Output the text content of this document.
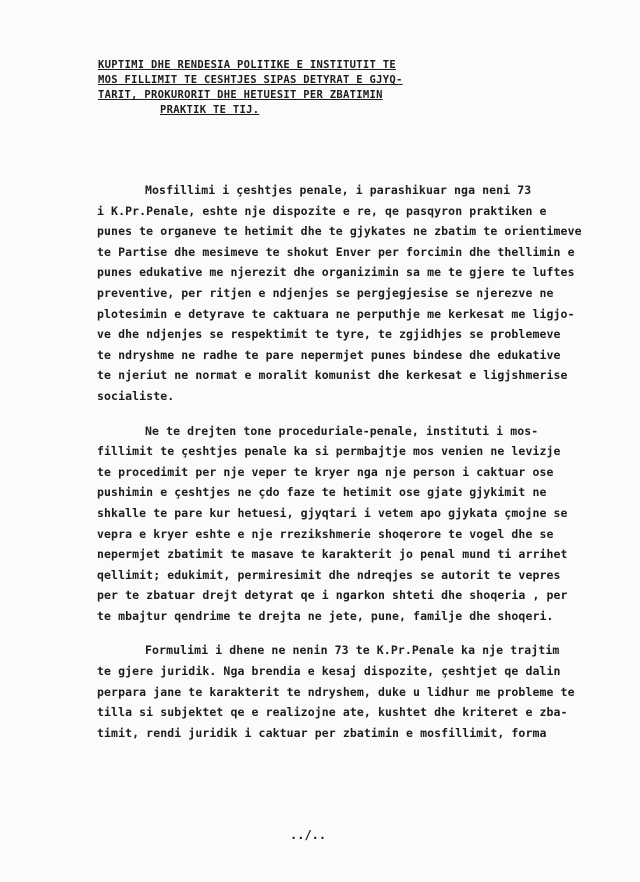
KUPTIMI DHE RENDESIA POLITIKE E INSTITUTIT TE
MOS FILLIMIT TE CESHTJES SIPAS DETYRAT E GJYQ-
TARIT, PROKURORIT DHE HETUESIT PER ZBATIMIN
PRAKTIK TE TIJ.
Mosfillimi i çeshtjes penale, i parashikuar nga neni 73
i K.Pr.Penale, eshte nje dispozite e re, qe pasqyron praktiken e
punes te organeve te hetimit dhe te gjykates ne zbatim te orientimeve
te Partise dhe mesimeve te shokut Enver per forcimin dhe thellimin e
punes edukative me njerezit dhe organizimin sa me te gjere te luftes
preventive, per ritjen e ndjenjes se pergjegjesise se njerezve ne
plotesimin e detyrave te caktuara ne perputhje me kerkesat me ligjo-
ve dhe ndjenjes se respektimit te tyre, te zgjidhjes se problemeve
te ndryshme ne radhe te pare nepermjet punes bindese dhe edukative
te njeriut ne normat e moralit komunist dhe kerkesat e ligjshmerise
socialiste.
Ne te drejten tone proceduriale-penale, instituti i mos-
fillimit te çeshtjes penale ka si permbajtje mos venien ne levizje
te procedimit per nje veper te kryer nga nje person i caktuar ose
pushimin e çeshtjes ne çdo faze te hetimit ose gjate gjykimit ne
shkalle te pare kur hetuesi, gjyqtari i vetem apo gjykata çmojne se
vepra e kryer eshte e nje rrezikshmerie shoqerore te vogel dhe se
nepermjet zbatimit te masave te karakterit jo penal mund ti arrihet
qellimit; edukimit, permiresimit dhe ndreqjes se autorit te vepres
per te zbatuar drejt detyrat qe i ngarkon shteti dhe shoqeria , per
te mbajtur qendrime te drejta ne jete, pune, familje dhe shoqeri.
Formulimi i dhene ne nenin 73 te K.Pr.Penale ka nje trajtim
te gjere juridik. Nga brendia e kesaj dispozite, çeshtjet qe dalin
perpara jane te karakterit te ndryshem, duke u lidhur me probleme te
tilla si subjektet qe e realizojne ate, kushtet dhe kriteret e zba-
timit, rendi juridik i caktuar per zbatimin e mosfillimit, forma
../..
